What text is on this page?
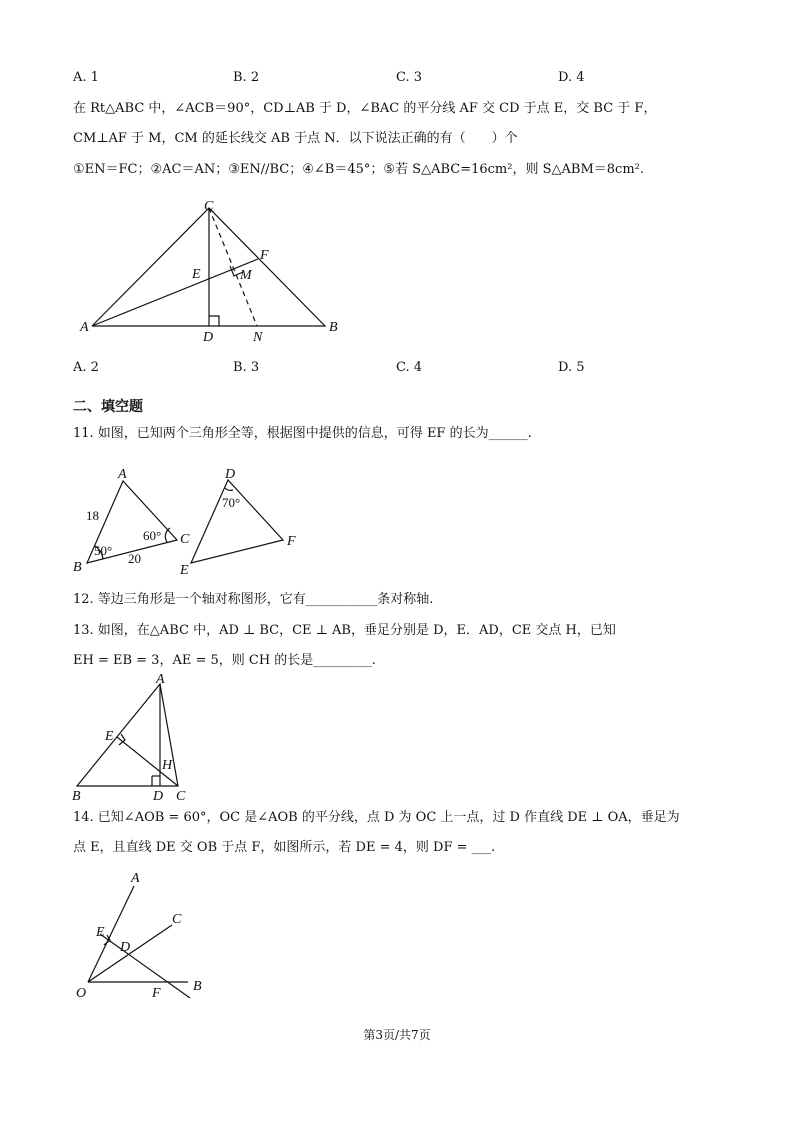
A. 1	B. 2	C. 3	D. 4
在 Rt△ABC 中，∠ACB＝90°，CD⊥AB 于 D，∠BAC 的平分线 AF 交 CD 于点 E，交 BC 于 F，
CM⊥AF 于 M，CM 的延长线交 AB 于点 N．以下说法正确的有（　　）个
①EN＝FC；②AC＝AN；③EN//BC；④∠B＝45°；⑤若 S△ABC=16cm²，则 S△ABM＝8cm².
C
F
E	M
A
D	N
B
A. 2	B. 3	C. 4	D. 5
二、填空题
11. 如图，已知两个三角形全等，根据图中提供的信息，可得 EF 的长为______.
A
B
C
D
E
F
18
20
50°
60°
70°
12. 等边三角形是一个轴对称图形，它有___________条对称轴.
13. 如图，在△ABC 中，AD ⊥ BC，CE ⊥ AB，垂足分别是 D，E．AD，CE 交点 H，已知
EH = EB = 3，AE = 5，则 CH 的长是_________.
A
E
H
B	D C
14. 已知∠AOB = 60°，OC 是∠AOB 的平分线，点 D 为 OC 上一点，过 D 作直线 DE ⊥ OA，垂足为
点 E，且直线 DE 交 OB 于点 F，如图所示，若 DE = 4，则 DF = ___.
A
C
E
D
O	F B
第3页/共7页
